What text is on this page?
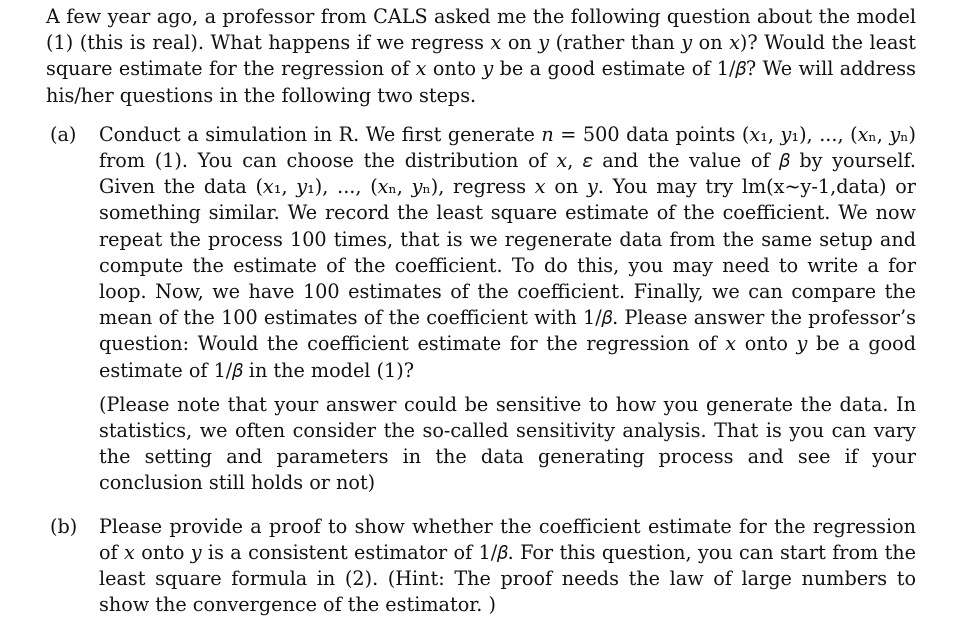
A few year ago, a professor from CALS asked me the following question about the model (1) (this is real). What happens if we regress 𝑥 on 𝑦 (rather than 𝑦 on 𝑥)? Would the least square estimate for the regression of 𝑥 onto 𝑦 be a good estimate of 1/𝛽? We will address his/her questions in the following two steps.

(a) Conduct a simulation in R. We first generate 𝑛 = 500 data points (𝑥₁, 𝑦₁), ..., (𝑥ₙ, 𝑦ₙ) from (1). You can choose the distribution of 𝑥, 𝜀 and the value of 𝛽 by yourself. Given the data (𝑥₁, 𝑦₁), ..., (𝑥ₙ, 𝑦ₙ), regress 𝑥 on 𝑦. You may try lm(x~y-1,data) or something similar. We record the least square estimate of the coefficient. We now repeat the process 100 times, that is we regenerate data from the same setup and compute the estimate of the coefficient. To do this, you may need to write a for loop. Now, we have 100 estimates of the coefficient. Finally, we can compare the mean of the 100 estimates of the coefficient with 1/𝛽. Please answer the professor’s question: Would the coefficient estimate for the regression of 𝑥 onto 𝑦 be a good estimate of 1/𝛽 in the model (1)?

(Please note that your answer could be sensitive to how you generate the data. In statistics, we often consider the so-called sensitivity analysis. That is you can vary the setting and parameters in the data generating process and see if your conclusion still holds or not)

(b) Please provide a proof to show whether the coefficient estimate for the regression of 𝑥 onto 𝑦 is a consistent estimator of 1/𝛽. For this question, you can start from the least square formula in (2). (Hint: The proof needs the law of large numbers to show the convergence of the estimator. )
